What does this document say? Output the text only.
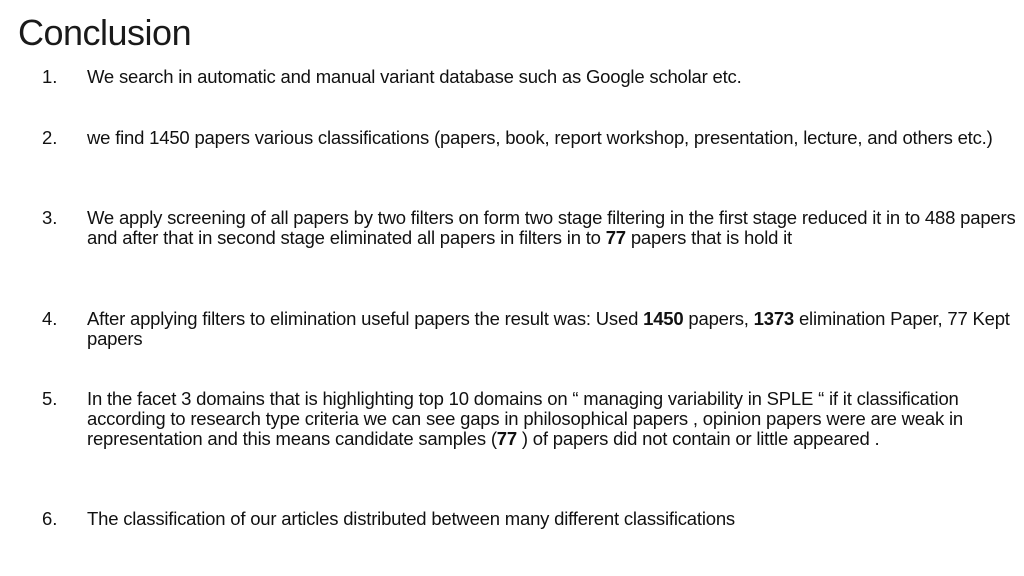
Conclusion
1.	We search in automatic and manual variant database such as Google scholar etc.
2.	we find 1450 papers various classifications (papers, book, report workshop, presentation, lecture, and others etc.)
3.	We apply screening of all papers by two filters on form two stage filtering in the first stage reduced it in to 488 papers and after that in second stage eliminated all papers in filters in to 77 papers that is hold it
4.	After applying filters to elimination useful papers the result was: Used 1450 papers, 1373 elimination Paper, 77 Kept papers
5.	In the facet 3 domains that is highlighting top 10 domains on “ managing variability in SPLE “ if it classification according to research type criteria we can see gaps in philosophical papers , opinion papers were are weak in representation and this means candidate samples (77 ) of papers did not contain or little appeared .
6.	The classification of our articles distributed between many different classifications
